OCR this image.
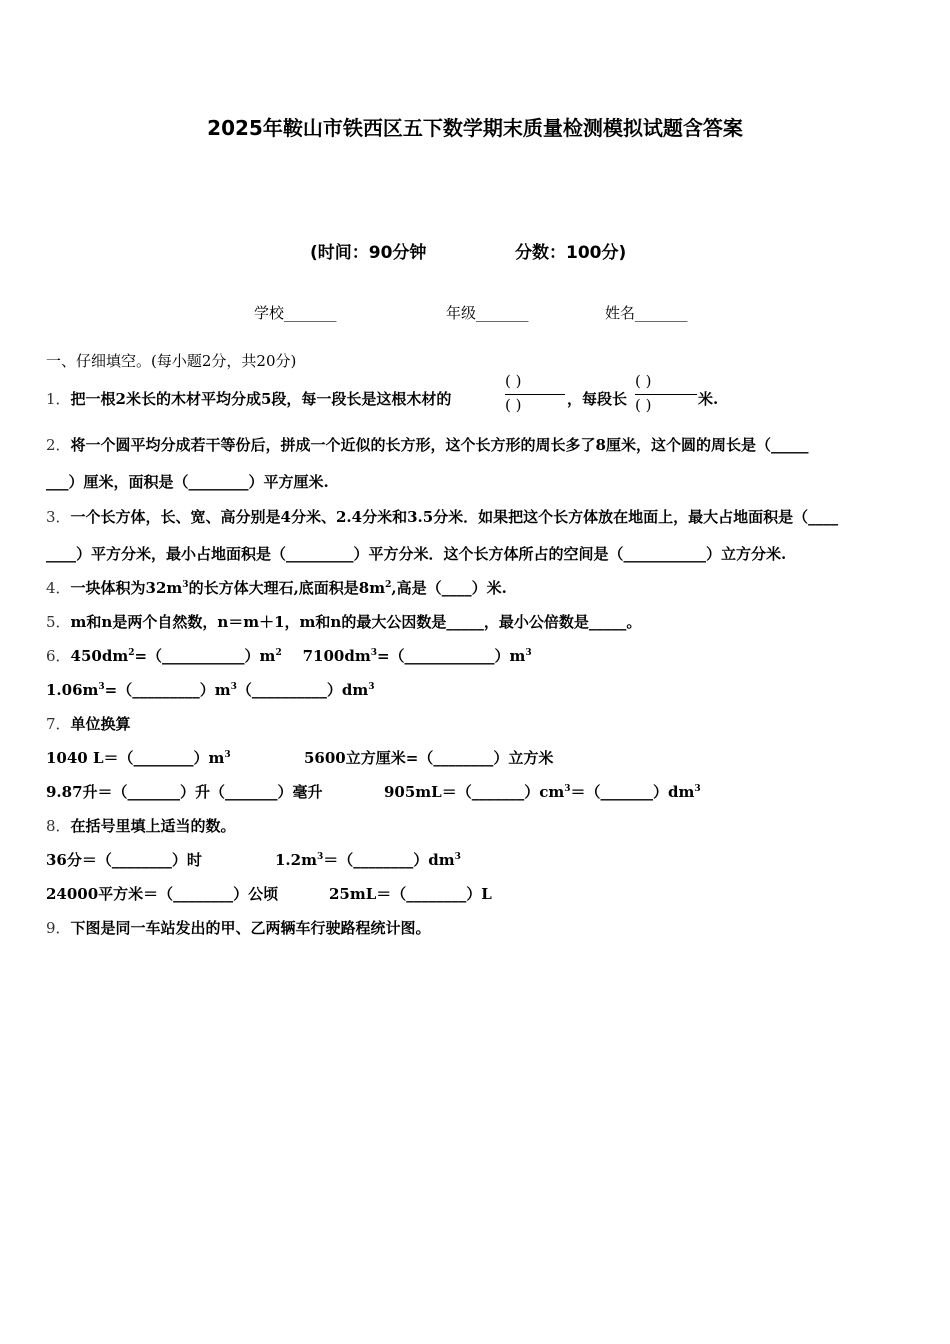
2025年鞍山市铁西区五下数学期末质量检测模拟试题含答案
(时间：90分钟	分数：100分)
学校_______	年级_______	姓名_______
一、仔细填空。(每小题2分，共20分)
1．把一根2米长的木材平均分成5段，每一段长是这根木材的
( )
( )	，每段长
( )
( )	米.
2．将一个圆平均分成若干等份后，拼成一个近似的长方形，这个长方形的周长多了8厘米，这个圆的周长是（_____
___）厘米，面积是（________）平方厘米.
3．一个长方体，长、宽、高分别是4分米、2.4分米和3.5分米．如果把这个长方体放在地面上，最大占地面积是（____
____）平方分米，最小占地面积是（_________）平方分米．这个长方体所占的空间是（___________）立方分米.
4．一块体积为$32m^3$的长方体大理石,底面积是$8m^2$,高是（____）米.
5．m和n是两个自然数，n＝m＋1，m和n的最大公因数是_____，最小公倍数是_____。
6．$450dm^2=(\_\_\_\_\_\_\_\_\_\_\_)m^2$    $7100dm^3=(\_\_\_\_\_\_\_\_\_\_\_\_)m^3$
$1.06m^3=(\_\_\_\_\_\_\_\_\_)m^3(\_\_\_\_\_\_\_\_\_\_)dm^3$
7．单位换算
1040 $L=(\_\_\_\_\_\_\_\_)m^3$	5600立方厘米=（________）立方米
9.87升＝（_______）升（_______）毫升	$905mL=(\_\_\_\_\_\_\_)cm^3=(\_\_\_\_\_\_\_)dm^3$
8．在括号里填上适当的数。
36分＝（________）时	$1.2m^3=(\_\_\_\_\_\_\_\_)dm^3$
24000平方米＝（________）公顷	25mL＝（________）L
9．下图是同一车站发出的甲、乙两辆车行驶路程统计图。
